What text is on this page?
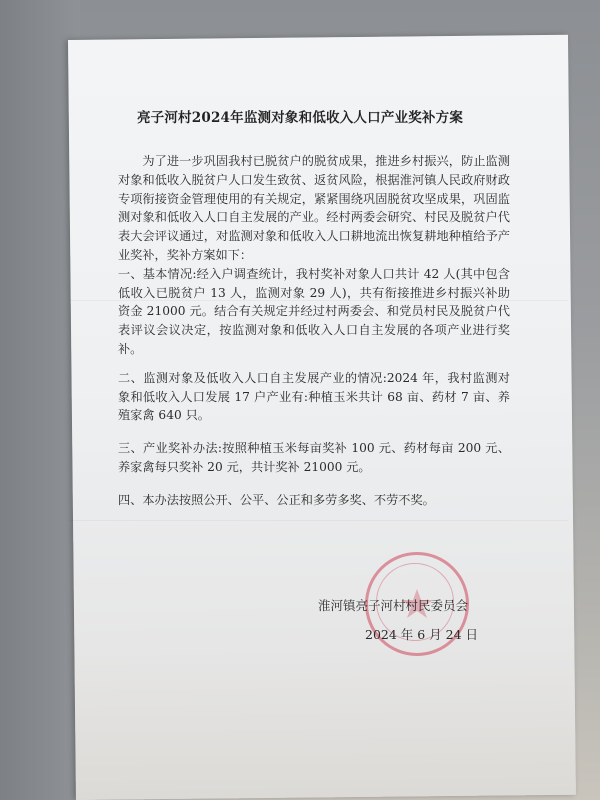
亮子河村2024年监测对象和低收入人口产业奖补方案

为了进一步巩固我村已脱贫户的脱贫成果，推进乡村振兴，防止监测对象和低收入脱贫户人口发生致贫、返贫风险，根据淮河镇人民政府财政专项衔接资金管理使用的有关规定，紧紧围绕巩固脱贫攻坚成果，巩固监测对象和低收入人口自主发展的产业。经村两委会研究、村民及脱贫户代表大会评议通过，对监测对象和低收入人口耕地流出恢复耕地种植给予产业奖补，奖补方案如下：

一、基本情况:经入户调查统计，我村奖补对象人口共计 42 人(其中包含低收入已脱贫户 13 人，监测对象 29 人)，共有衔接推进乡村振兴补助资金 21000 元。结合有关规定并经过村两委会、和党员村民及脱贫户代表评议会议决定，按监测对象和低收入人口自主发展的各项产业进行奖补。

二、监测对象及低收入人口自主发展产业的情况:2024 年，我村监测对象和低收入人口发展 17 户产业有:种植玉米共计 68 亩、药材 7 亩、养殖家禽 640 只。

三、产业奖补办法:按照种植玉米每亩奖补 100 元、药材每亩 200 元、养家禽每只奖补 20 元，共计奖补 21000 元。

四、本办法按照公开、公平、公正和多劳多奖、不劳不奖。

淮河镇亮子河村村民委员会
2024 年 6 月 24 日
